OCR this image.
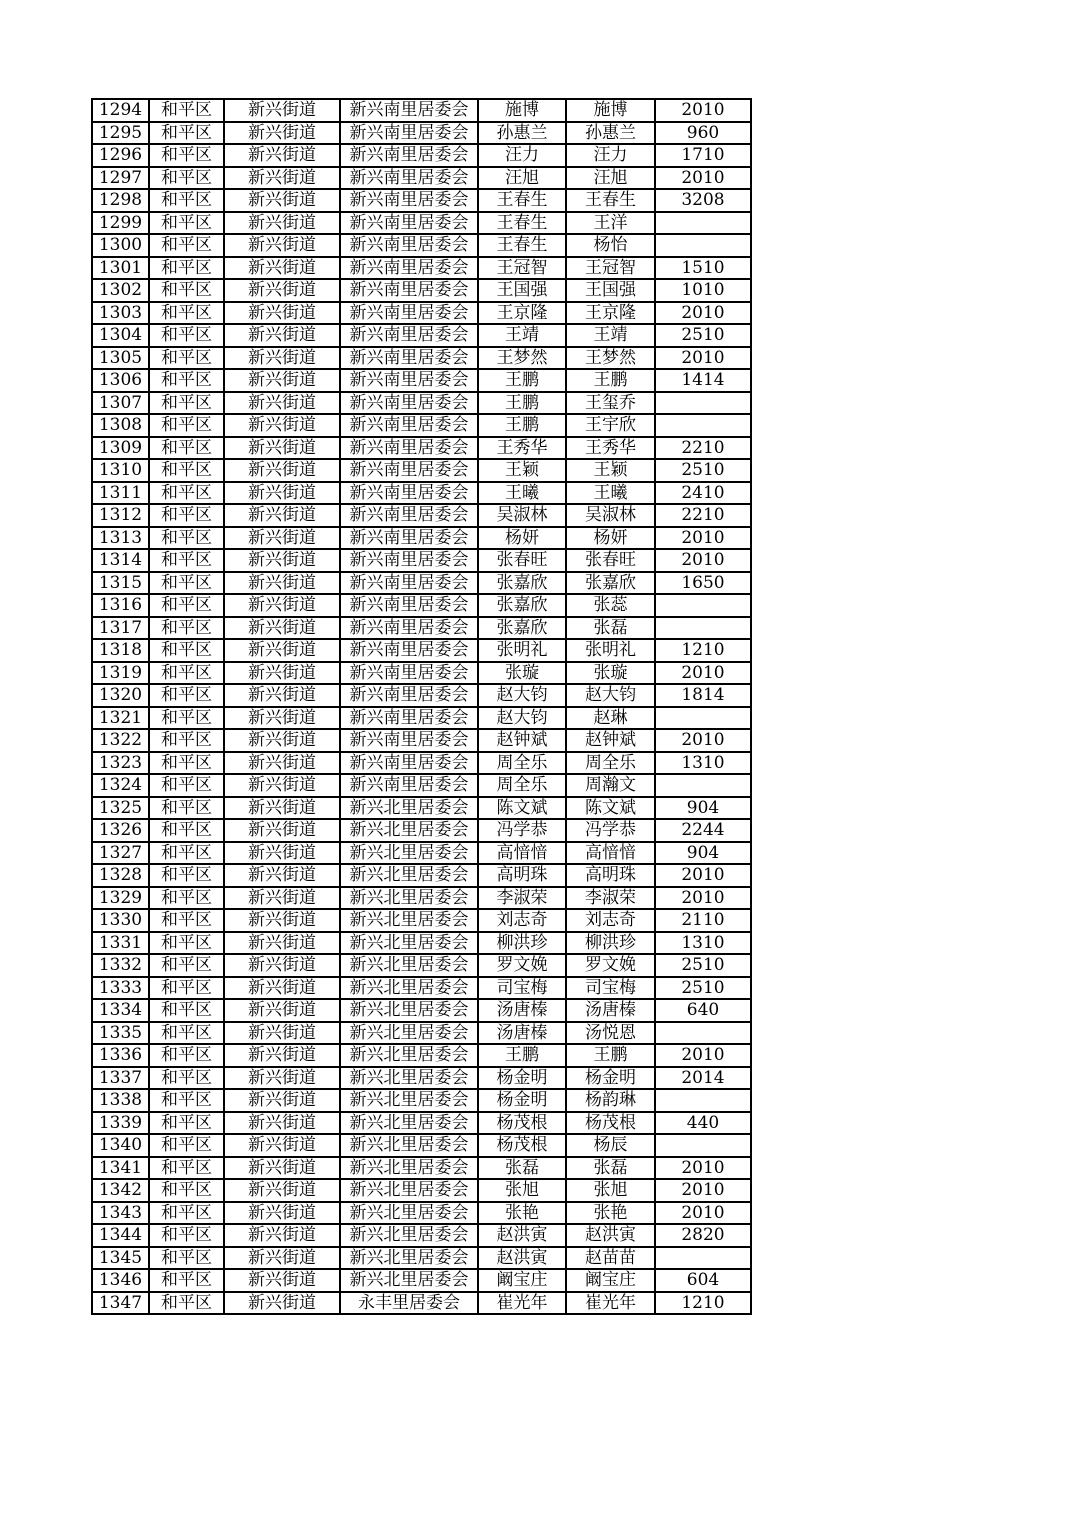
1294	和平区	新兴街道	新兴南里居委会	施博	施博	2010
1295	和平区	新兴街道	新兴南里居委会	孙惠兰	孙惠兰	960
1296	和平区	新兴街道	新兴南里居委会	汪力	汪力	1710
1297	和平区	新兴街道	新兴南里居委会	汪旭	汪旭	2010
1298	和平区	新兴街道	新兴南里居委会	王春生	王春生	3208
1299	和平区	新兴街道	新兴南里居委会	王春生	王洋	
1300	和平区	新兴街道	新兴南里居委会	王春生	杨怡	
1301	和平区	新兴街道	新兴南里居委会	王冠智	王冠智	1510
1302	和平区	新兴街道	新兴南里居委会	王国强	王国强	1010
1303	和平区	新兴街道	新兴南里居委会	王京隆	王京隆	2010
1304	和平区	新兴街道	新兴南里居委会	王靖	王靖	2510
1305	和平区	新兴街道	新兴南里居委会	王梦然	王梦然	2010
1306	和平区	新兴街道	新兴南里居委会	王鹏	王鹏	1414
1307	和平区	新兴街道	新兴南里居委会	王鹏	王玺乔	
1308	和平区	新兴街道	新兴南里居委会	王鹏	王宇欣	
1309	和平区	新兴街道	新兴南里居委会	王秀华	王秀华	2210
1310	和平区	新兴街道	新兴南里居委会	王颖	王颖	2510
1311	和平区	新兴街道	新兴南里居委会	王曦	王曦	2410
1312	和平区	新兴街道	新兴南里居委会	吴淑林	吴淑林	2210
1313	和平区	新兴街道	新兴南里居委会	杨妍	杨妍	2010
1314	和平区	新兴街道	新兴南里居委会	张春旺	张春旺	2010
1315	和平区	新兴街道	新兴南里居委会	张嘉欣	张嘉欣	1650
1316	和平区	新兴街道	新兴南里居委会	张嘉欣	张蕊	
1317	和平区	新兴街道	新兴南里居委会	张嘉欣	张磊	
1318	和平区	新兴街道	新兴南里居委会	张明礼	张明礼	1210
1319	和平区	新兴街道	新兴南里居委会	张璇	张璇	2010
1320	和平区	新兴街道	新兴南里居委会	赵大钧	赵大钧	1814
1321	和平区	新兴街道	新兴南里居委会	赵大钧	赵琳	
1322	和平区	新兴街道	新兴南里居委会	赵钟斌	赵钟斌	2010
1323	和平区	新兴街道	新兴南里居委会	周全乐	周全乐	1310
1324	和平区	新兴街道	新兴南里居委会	周全乐	周瀚文	
1325	和平区	新兴街道	新兴北里居委会	陈文斌	陈文斌	904
1326	和平区	新兴街道	新兴北里居委会	冯学恭	冯学恭	2244
1327	和平区	新兴街道	新兴北里居委会	高愔愔	高愔愔	904
1328	和平区	新兴街道	新兴北里居委会	高明珠	高明珠	2010
1329	和平区	新兴街道	新兴北里居委会	李淑荣	李淑荣	2010
1330	和平区	新兴街道	新兴北里居委会	刘志奇	刘志奇	2110
1331	和平区	新兴街道	新兴北里居委会	柳洪珍	柳洪珍	1310
1332	和平区	新兴街道	新兴北里居委会	罗文娩	罗文娩	2510
1333	和平区	新兴街道	新兴北里居委会	司宝梅	司宝梅	2510
1334	和平区	新兴街道	新兴北里居委会	汤唐榛	汤唐榛	640
1335	和平区	新兴街道	新兴北里居委会	汤唐榛	汤悦恩	
1336	和平区	新兴街道	新兴北里居委会	王鹏	王鹏	2010
1337	和平区	新兴街道	新兴北里居委会	杨金明	杨金明	2014
1338	和平区	新兴街道	新兴北里居委会	杨金明	杨韵琳	
1339	和平区	新兴街道	新兴北里居委会	杨茂根	杨茂根	440
1340	和平区	新兴街道	新兴北里居委会	杨茂根	杨辰	
1341	和平区	新兴街道	新兴北里居委会	张磊	张磊	2010
1342	和平区	新兴街道	新兴北里居委会	张旭	张旭	2010
1343	和平区	新兴街道	新兴北里居委会	张艳	张艳	2010
1344	和平区	新兴街道	新兴北里居委会	赵洪寅	赵洪寅	2820
1345	和平区	新兴街道	新兴北里居委会	赵洪寅	赵苗苗	
1346	和平区	新兴街道	新兴北里居委会	阚宝庄	阚宝庄	604
1347	和平区	新兴街道	永丰里居委会	崔光年	崔光年	1210
